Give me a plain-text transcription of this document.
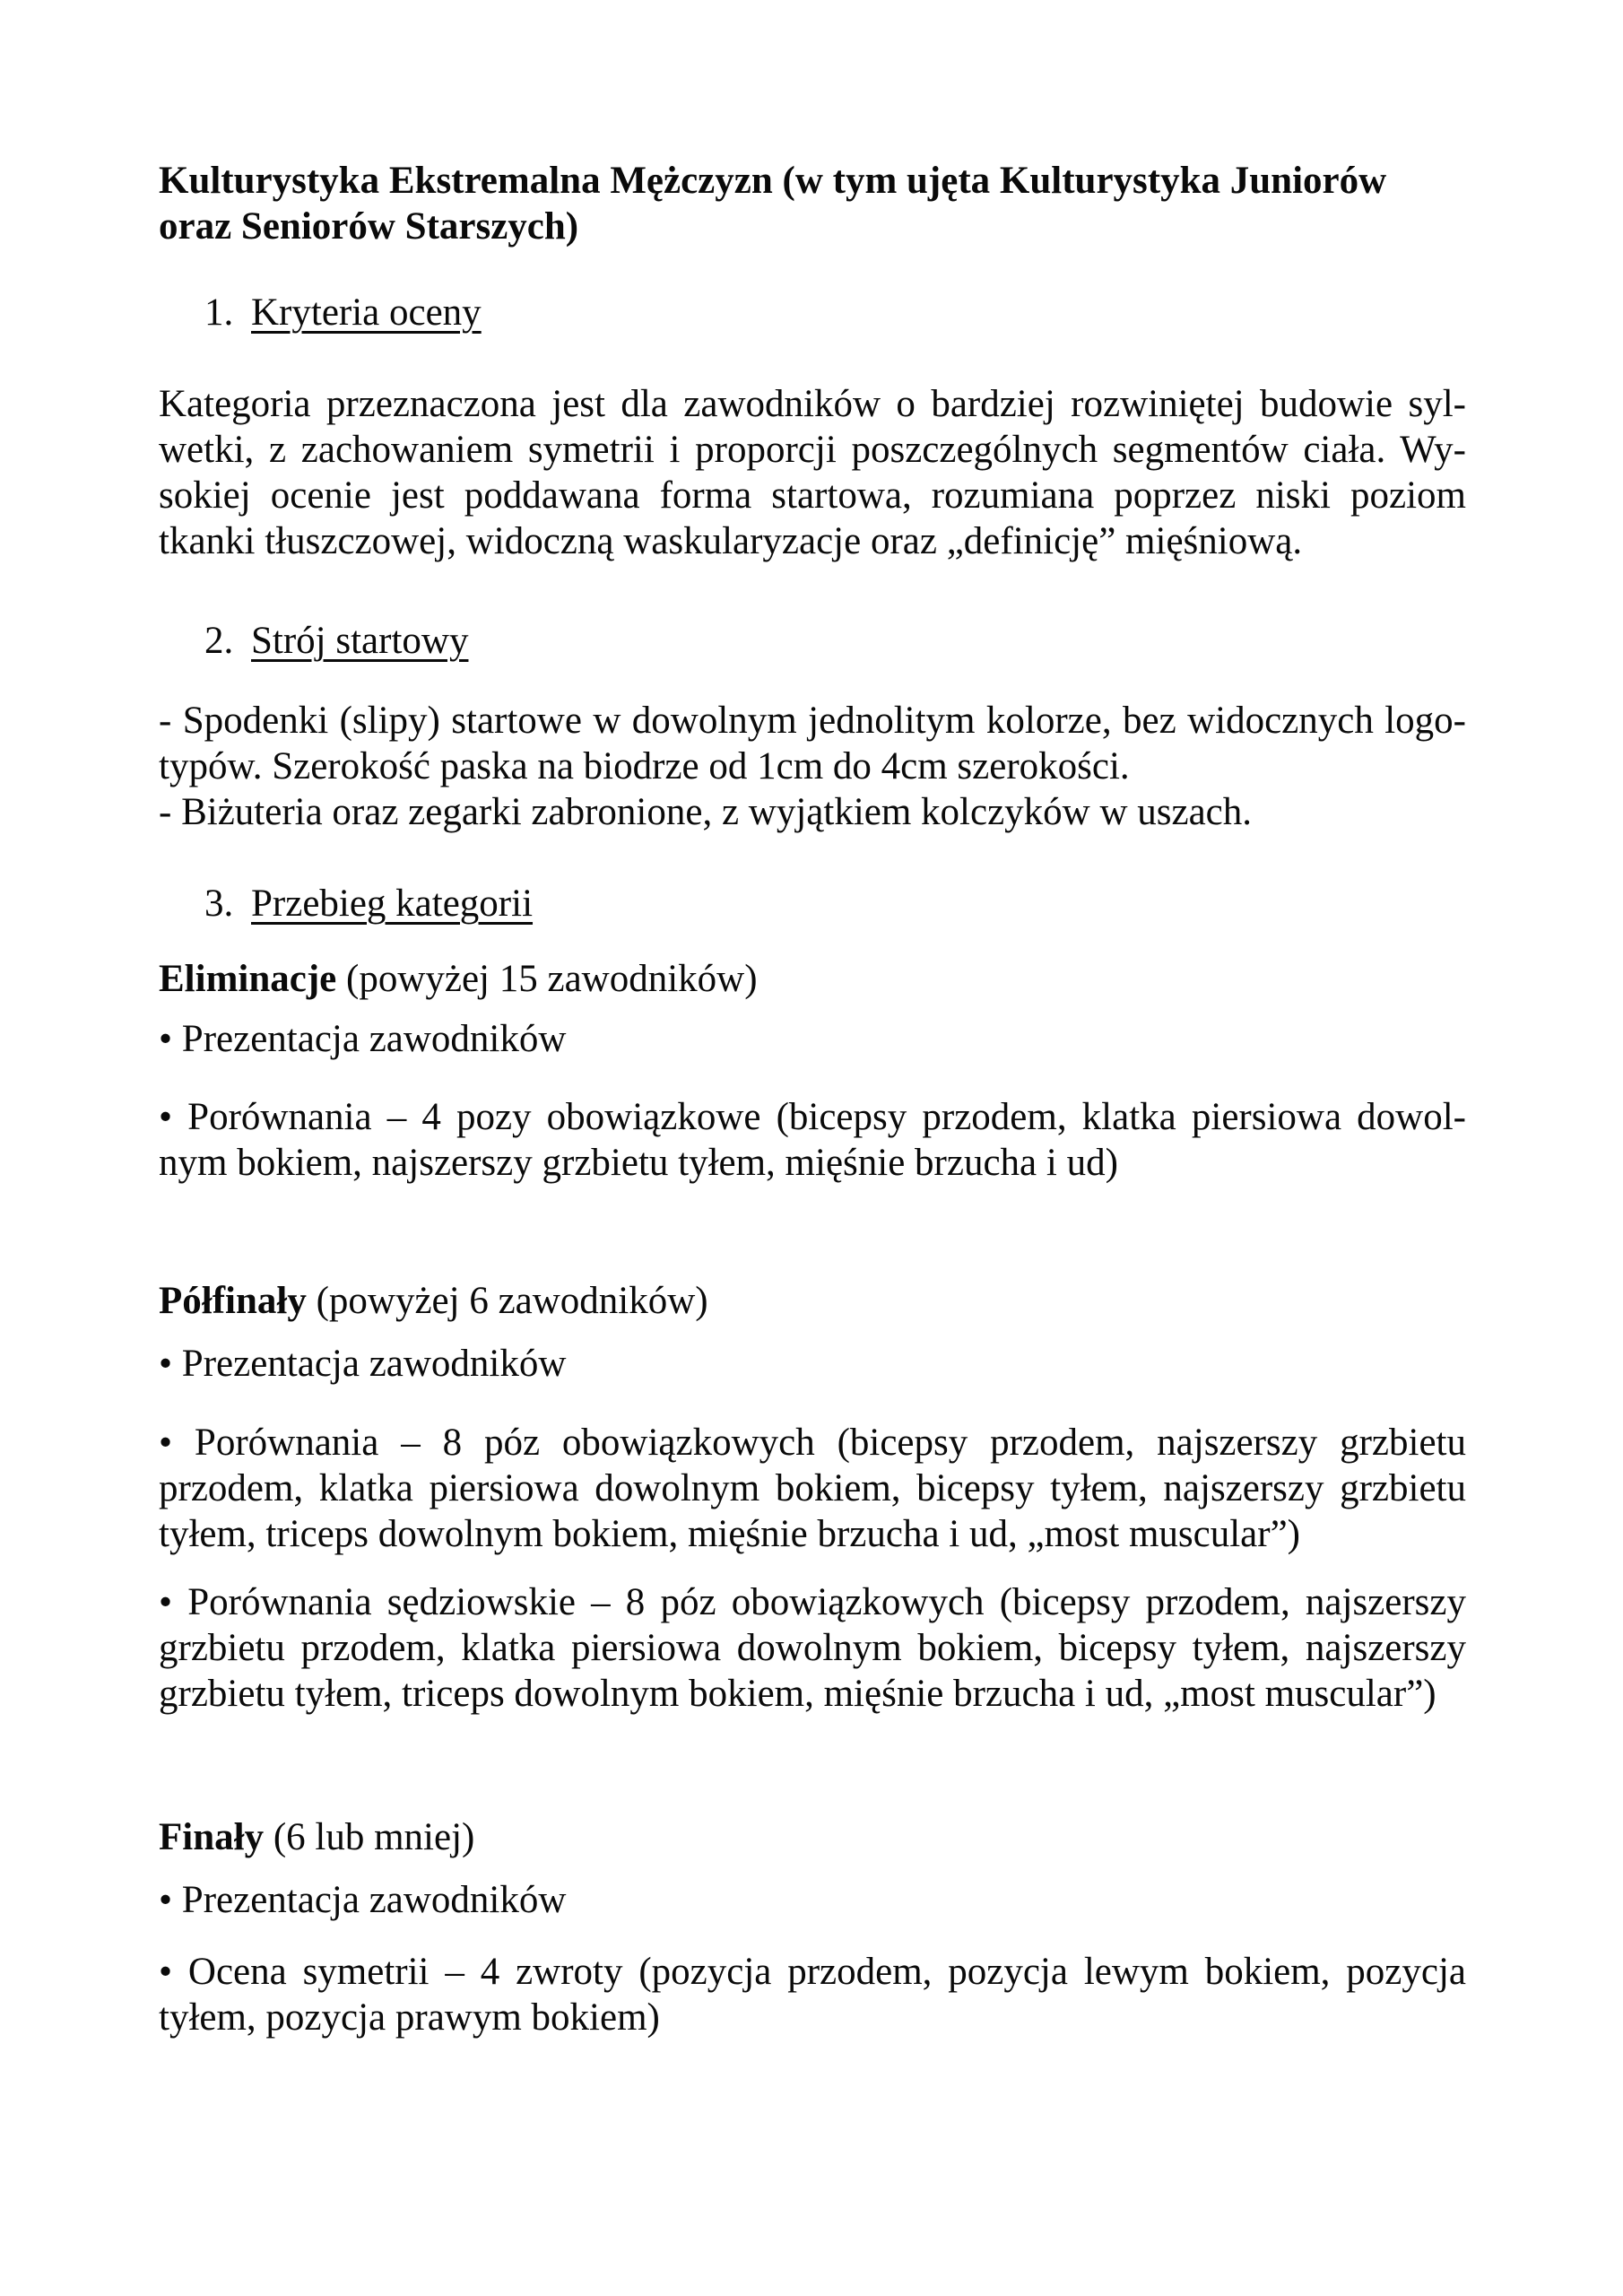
Kulturystyka Ekstremalna Mężczyzn (w tym ujęta Kulturystyka Juniorów
oraz Seniorów Starszych)
1. Kryteria oceny
Kategoria przeznaczona jest dla zawodników o bardziej rozwiniętej budowie syl-
wetki, z zachowaniem symetrii i proporcji poszczególnych segmentów ciała. Wy-
sokiej ocenie jest poddawana forma startowa, rozumiana poprzez niski poziom
tkanki tłuszczowej, widoczną waskularyzacje oraz „definicję” mięśniową.
2. Strój startowy
- Spodenki (slipy) startowe w dowolnym jednolitym kolorze, bez widocznych logo-
typów. Szerokość paska na biodrze od 1cm do 4cm szerokości.
- Biżuteria oraz zegarki zabronione, z wyjątkiem kolczyków w uszach.
3. Przebieg kategorii
Eliminacje (powyżej 15 zawodników)
• Prezentacja zawodników
• Porównania – 4 pozy obowiązkowe (bicepsy przodem, klatka piersiowa dowol-
nym bokiem, najszerszy grzbietu tyłem, mięśnie brzucha i ud)
Półfinały (powyżej 6 zawodników)
• Prezentacja zawodników
• Porównania – 8 póz obowiązkowych (bicepsy przodem, najszerszy grzbietu
przodem, klatka piersiowa dowolnym bokiem, bicepsy tyłem, najszerszy grzbietu
tyłem, triceps dowolnym bokiem, mięśnie brzucha i ud, „most muscular”)
• Porównania sędziowskie – 8 póz obowiązkowych (bicepsy przodem, najszerszy
grzbietu przodem, klatka piersiowa dowolnym bokiem, bicepsy tyłem, najszerszy
grzbietu tyłem, triceps dowolnym bokiem, mięśnie brzucha i ud, „most muscular”)
Finały (6 lub mniej)
• Prezentacja zawodników
• Ocena symetrii – 4 zwroty (pozycja przodem, pozycja lewym bokiem, pozycja
tyłem, pozycja prawym bokiem)
